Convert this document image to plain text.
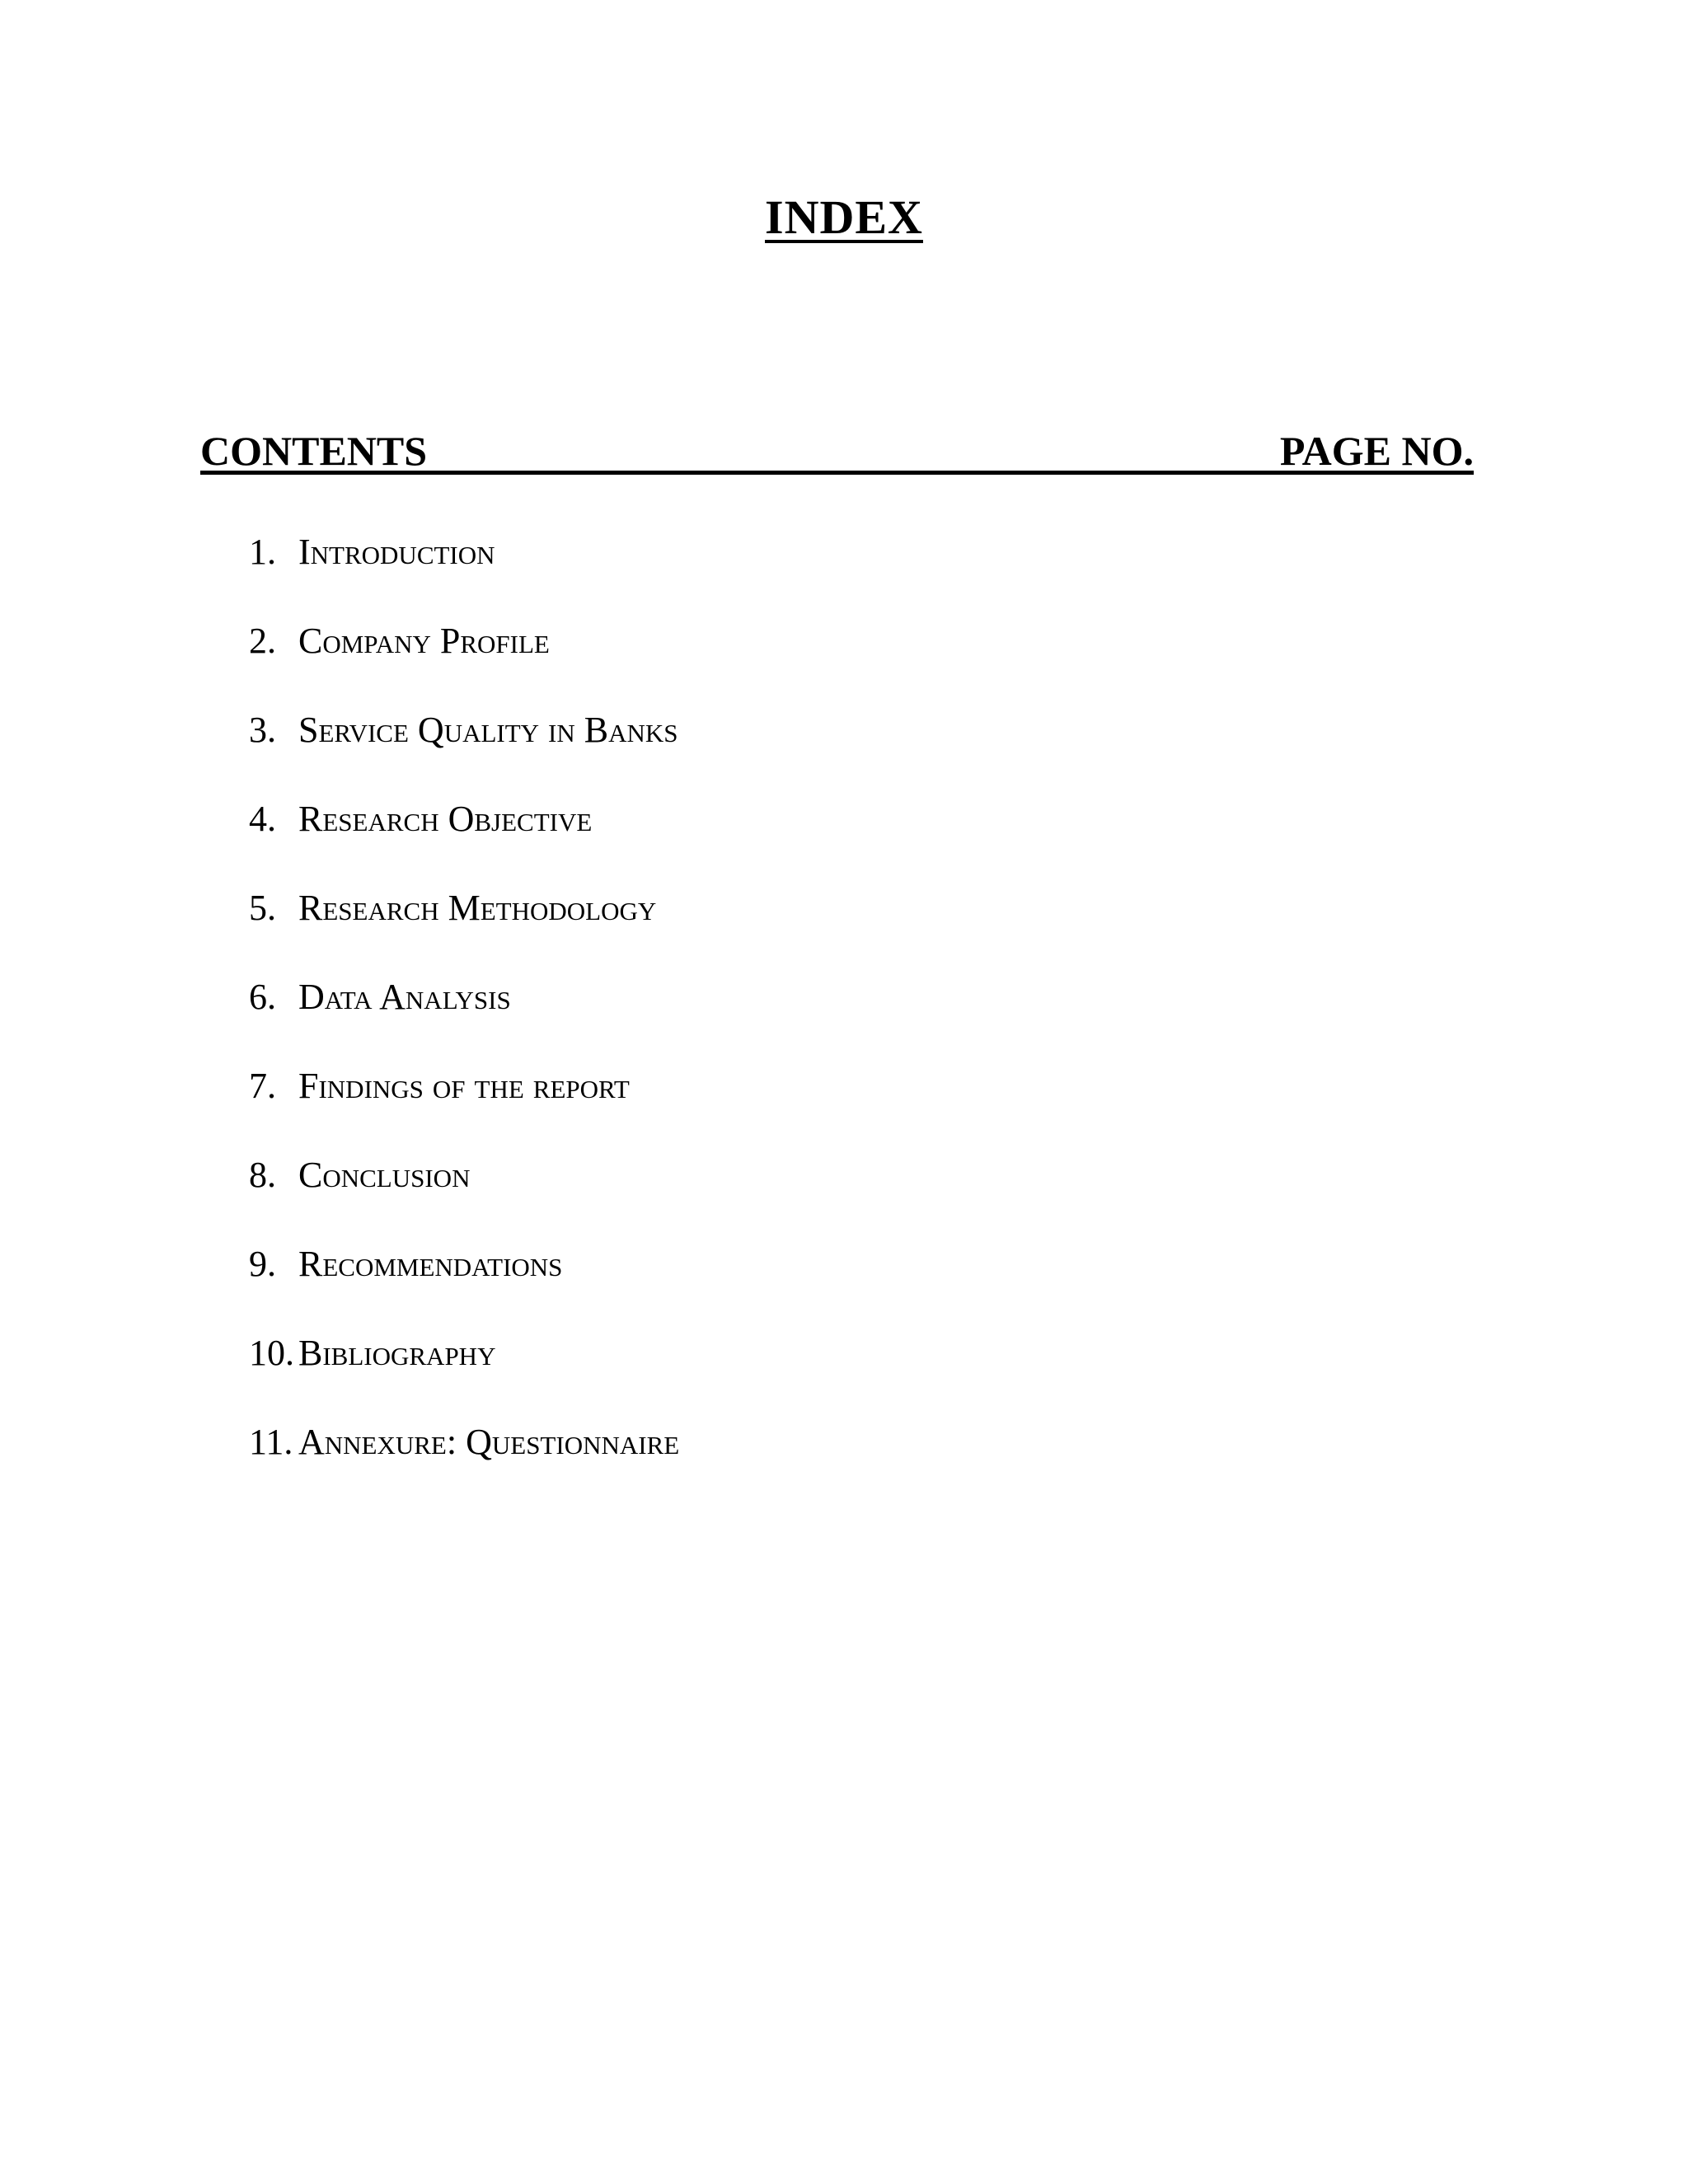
INDEX
CONTENTS	PAGE NO.
1. Introduction
2. Company Profile
3. Service Quality in Banks
4. Research Objective
5. Research Methodology
6. Data Analysis
7. Findings of the report
8. Conclusion
9. Recommendations
10. Bibliography
11. Annexure: Questionnaire
